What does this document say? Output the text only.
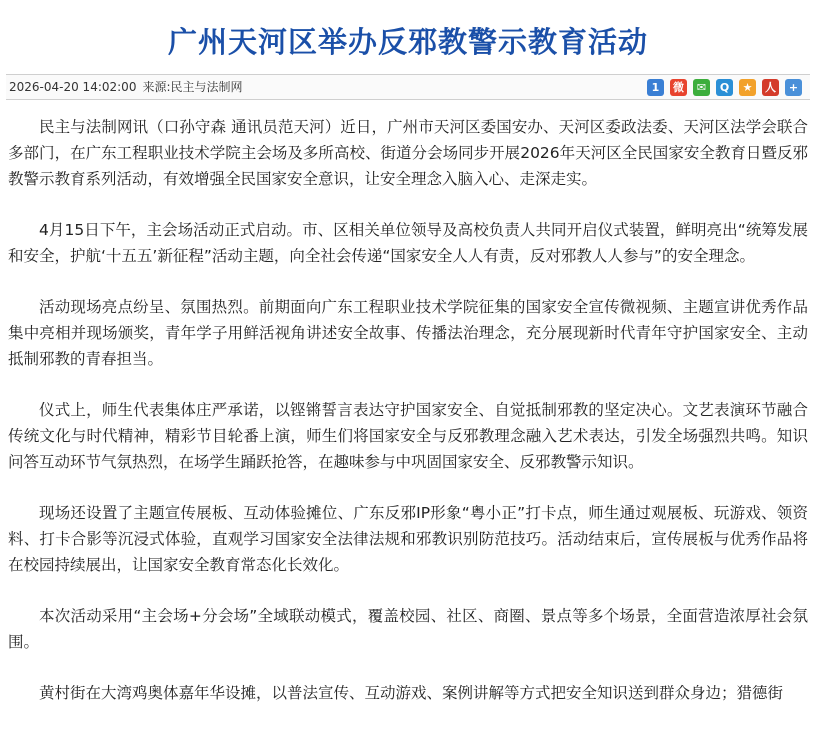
广州天河区举办反邪教警示教育活动
2026-04-20 14:02:00 来源:民主与法制网	1	微	✉	Q	★	人	+

民主与法制网讯（口孙守森 通讯员范天河）近日，广州市天河区委国安办、天河区委政法委、天河区法学会联合多部门，在广东工程职业技术学院主会场及多所高校、街道分会场同步开展2026年天河区全民国家安全教育日暨反邪教警示教育系列活动，有效增强全民国家安全意识，让安全理念入脑入心、走深走实。

4月15日下午，主会场活动正式启动。市、区相关单位领导及高校负责人共同开启仪式装置，鲜明亮出“统筹发展和安全，护航‘十五五’新征程”活动主题，向全社会传递“国家安全人人有责，反对邪教人人参与”的安全理念。

活动现场亮点纷呈、氛围热烈。前期面向广东工程职业技术学院征集的国家安全宣传微视频、主题宣讲优秀作品集中亮相并现场颁奖，青年学子用鲜活视角讲述安全故事、传播法治理念，充分展现新时代青年守护国家安全、主动抵制邪教的青春担当。

仪式上，师生代表集体庄严承诺，以铿锵誓言表达守护国家安全、自觉抵制邪教的坚定决心。文艺表演环节融合传统文化与时代精神，精彩节目轮番上演，师生们将国家安全与反邪教理念融入艺术表达，引发全场强烈共鸣。知识问答互动环节气氛热烈，在场学生踊跃抢答，在趣味参与中巩固国家安全、反邪教警示知识。

现场还设置了主题宣传展板、互动体验摊位、广东反邪IP形象“粤小正”打卡点，师生通过观展板、玩游戏、领资料、打卡合影等沉浸式体验，直观学习国家安全法律法规和邪教识别防范技巧。活动结束后，宣传展板与优秀作品将在校园持续展出，让国家安全教育常态化长效化。

本次活动采用“主会场+分会场”全域联动模式，覆盖校园、社区、商圈、景点等多个场景，全面营造浓厚社会氛围。

黄村街在大湾鸡奥体嘉年华设摊，以普法宣传、互动游戏、案例讲解等方式把安全知识送到群众身边；猎德街
